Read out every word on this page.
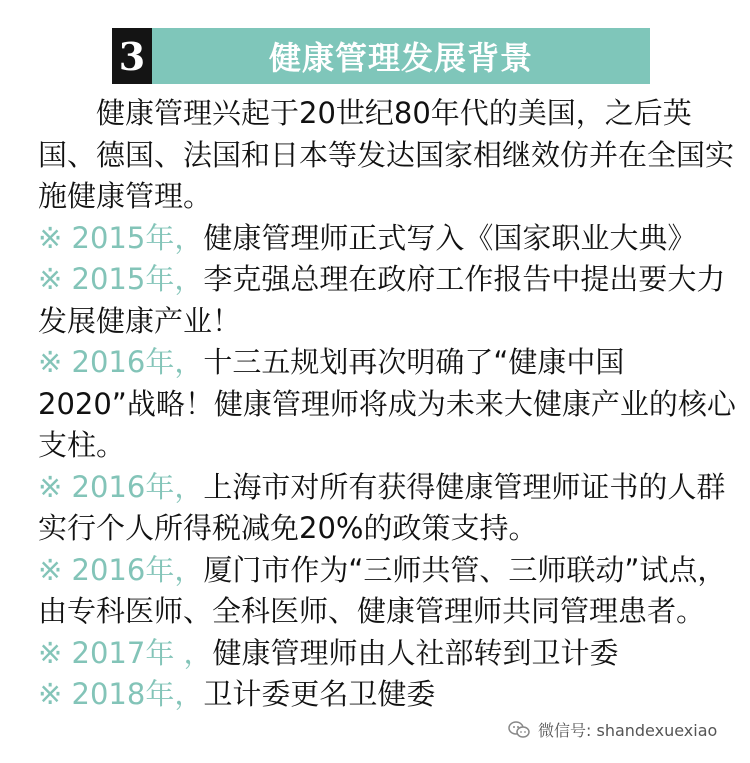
3	健康管理发展背景

健康管理兴起于20世纪80年代的美国，之后英国、德国、法国和日本等发达国家相继效仿并在全国实施健康管理。

※ 2015年，健康管理师正式写入《国家职业大典》

※ 2015年，李克强总理在政府工作报告中提出要大力发展健康产业！

※ 2016年，十三五规划再次明确了“健康中国2020”战略！健康管理师将成为未来大健康产业的核心支柱。

※ 2016年，上海市对所有获得健康管理师证书的人群实行个人所得税减免20%的政策支持。

※ 2016年，厦门市作为“三师共管、三师联动”试点，由专科医师、全科医师、健康管理师共同管理患者。

※ 2017年 ，健康管理师由人社部转到卫计委

※ 2018年，卫计委更名卫健委

微信号: shandexuexiao
